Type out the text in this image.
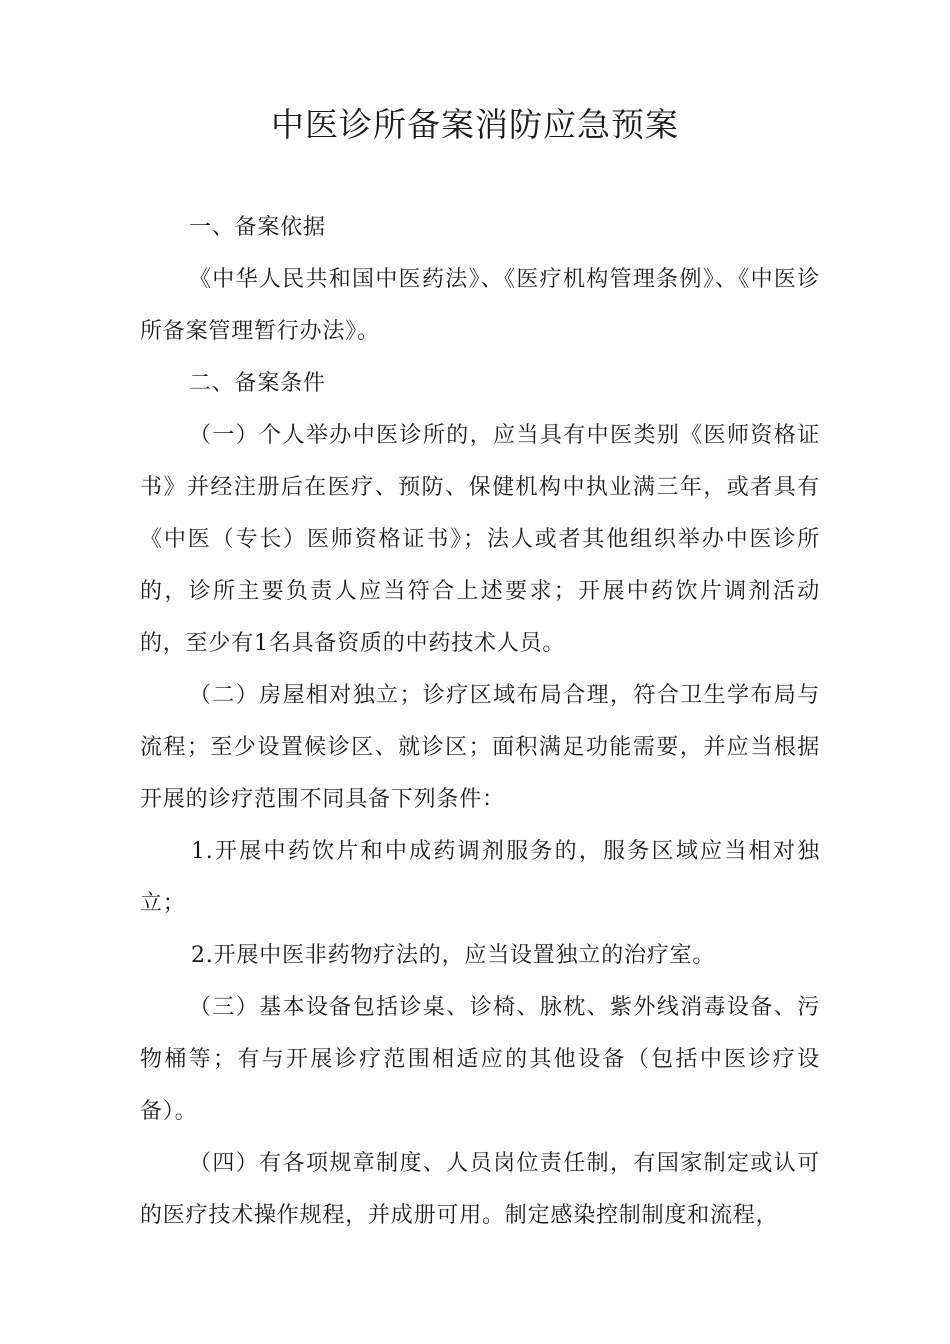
中医诊所备案消防应急预案

一、备案依据

《中华人民共和国中医药法》、《医疗机构管理条例》、《中医诊所备案管理暂行办法》。

二、备案条件

（一）个人举办中医诊所的，应当具有中医类别《医师资格证书》并经注册后在医疗、预防、保健机构中执业满三年，或者具有《中医（专长）医师资格证书》；法人或者其他组织举办中医诊所的，诊所主要负责人应当符合上述要求；开展中药饮片调剂活动的，至少有1名具备资质的中药技术人员。

（二）房屋相对独立；诊疗区域布局合理，符合卫生学布局与流程；至少设置候诊区、就诊区；面积满足功能需要，并应当根据开展的诊疗范围不同具备下列条件：

1.开展中药饮片和中成药调剂服务的，服务区域应当相对独立；

2.开展中医非药物疗法的，应当设置独立的治疗室。

（三）基本设备包括诊桌、诊椅、脉枕、紫外线消毒设备、污物桶等；有与开展诊疗范围相适应的其他设备（包括中医诊疗设备）。

（四）有各项规章制度、人员岗位责任制，有国家制定或认可的医疗技术操作规程，并成册可用。制定感染控制制度和流程，
